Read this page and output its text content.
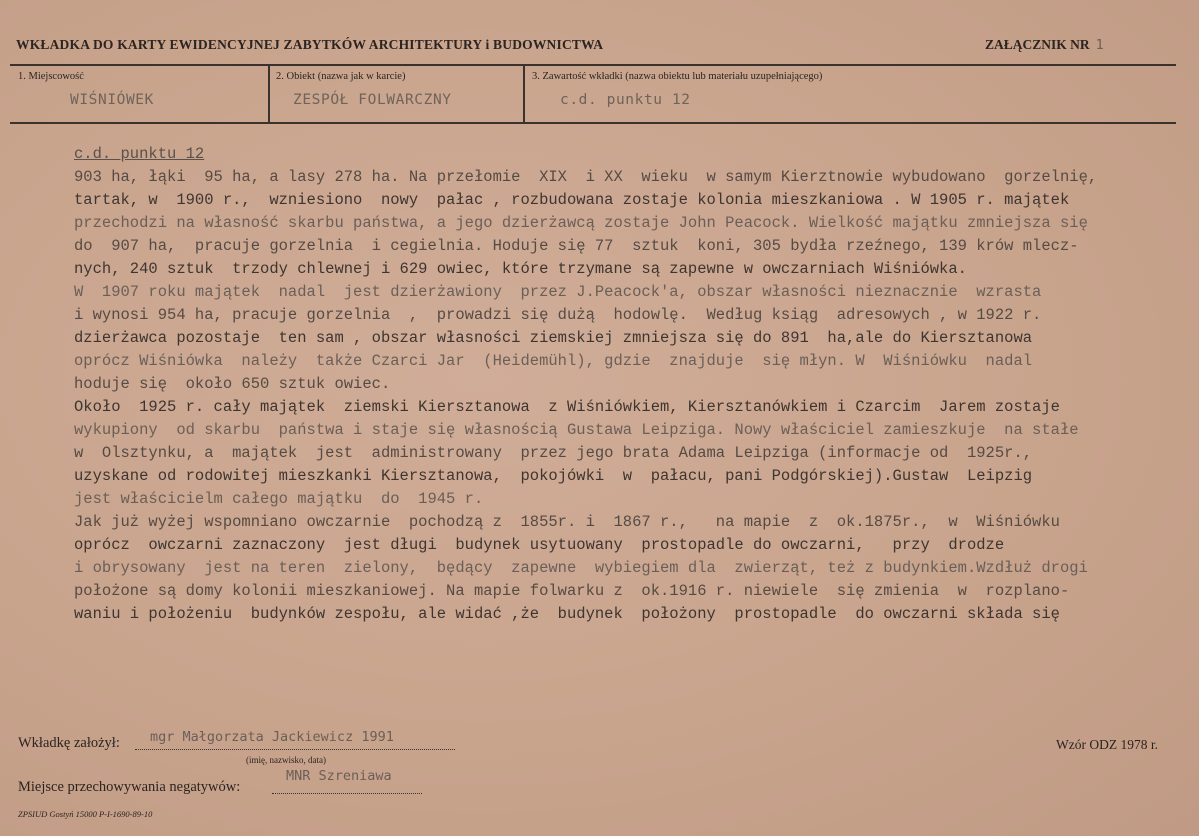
WKŁADKA DO KARTY EWIDENCYJNEJ ZABYTKÓW ARCHITEKTURY i BUDOWNICTWA	ZAŁĄCZNIK NR 1
1. Miejscowość
WIŚNIÓWEK
2. Obiekt (nazwa jak w karcie)
ZESPÓŁ FOLWARCZNY
3. Zawartość wkładki (nazwa obiektu lub materiału uzupełniającego)
c.d. punktu 12
c.d. punktu 12
903 ha, łąki  95 ha, a lasy 278 ha. Na przełomie  XIX  i XX  wieku  w samym Kierztnowie wybudowano  gorzelnię,
tartak, w  1900 r.,  wzniesiono  nowy  pałac , rozbudowana zostaje kolonia mieszkaniowa . W 1905 r. majątek
przechodzi na własność skarbu państwa, a jego dzierżawcą zostaje John Peacock. Wielkość majątku zmniejsza się
do  907 ha,  pracuje gorzelnia  i cegielnia. Hoduje się 77  sztuk  koni, 305 bydła rzeźnego, 139 krów mlecz-
nych, 240 sztuk  trzody chlewnej i 629 owiec, które trzymane są zapewne w owczarniach Wiśniówka.
W  1907 roku majątek  nadal  jest dzierżawiony  przez J.Peacock'a, obszar własności nieznacznie  wzrasta
i wynosi 954 ha, pracuje gorzelnia  ,  prowadzi się dużą  hodowlę.  Według ksiąg  adresowych , w 1922 r.
dzierżawca pozostaje  ten sam , obszar własności ziemskiej zmniejsza się do 891  ha,ale do Kiersztanowa
oprócz Wiśniówka  należy  także Czarci Jar  (Heidemühl), gdzie  znajduje  się młyn. W  Wiśniówku  nadal
hoduje się  około 650 sztuk owiec.
Około  1925 r. cały majątek  ziemski Kiersztanowa  z Wiśniówkiem, Kiersztanówkiem i Czarcim  Jarem zostaje
wykupiony  od skarbu  państwa i staje się własnością Gustawa Leipziga. Nowy właściciel zamieszkuje  na stałe
w  Olsztynku, a  majątek  jest  administrowany  przez jego brata Adama Leipziga (informacje od  1925r.,
uzyskane od rodowitej mieszkanki Kiersztanowa,  pokojówki  w  pałacu, pani Podgórskiej).Gustaw  Leipzig
jest właścicielm całego majątku  do  1945 r.
Jak już wyżej wspomniano owczarnie  pochodzą z  1855r. i  1867 r.,   na mapie  z  ok.1875r.,  w  Wiśniówku
oprócz  owczarni zaznaczony  jest długi  budynek usytuowany  prostopadle do owczarni,   przy  drodze
i obrysowany  jest na teren  zielony,  będący  zapewne  wybiegiem dla  zwierząt, też z budynkiem.Wzdłuż drogi
położone są domy kolonii mieszkaniowej. Na mapie folwarku z  ok.1916 r. niewiele  się zmienia  w  rozplano-
waniu i położeniu  budynków zespołu, ale widać ,że  budynek  położony  prostopadle  do owczarni składa się
Wkładkę założył: mgr Małgorzata Jackiewicz 1991
(imię, nazwisko, data)
Wzór ODZ 1978 r.
Miejsce przechowywania negatywów:
MNR Szreniawa
ZPSIUD Gostyń 15000 P-I-1690-89-10
